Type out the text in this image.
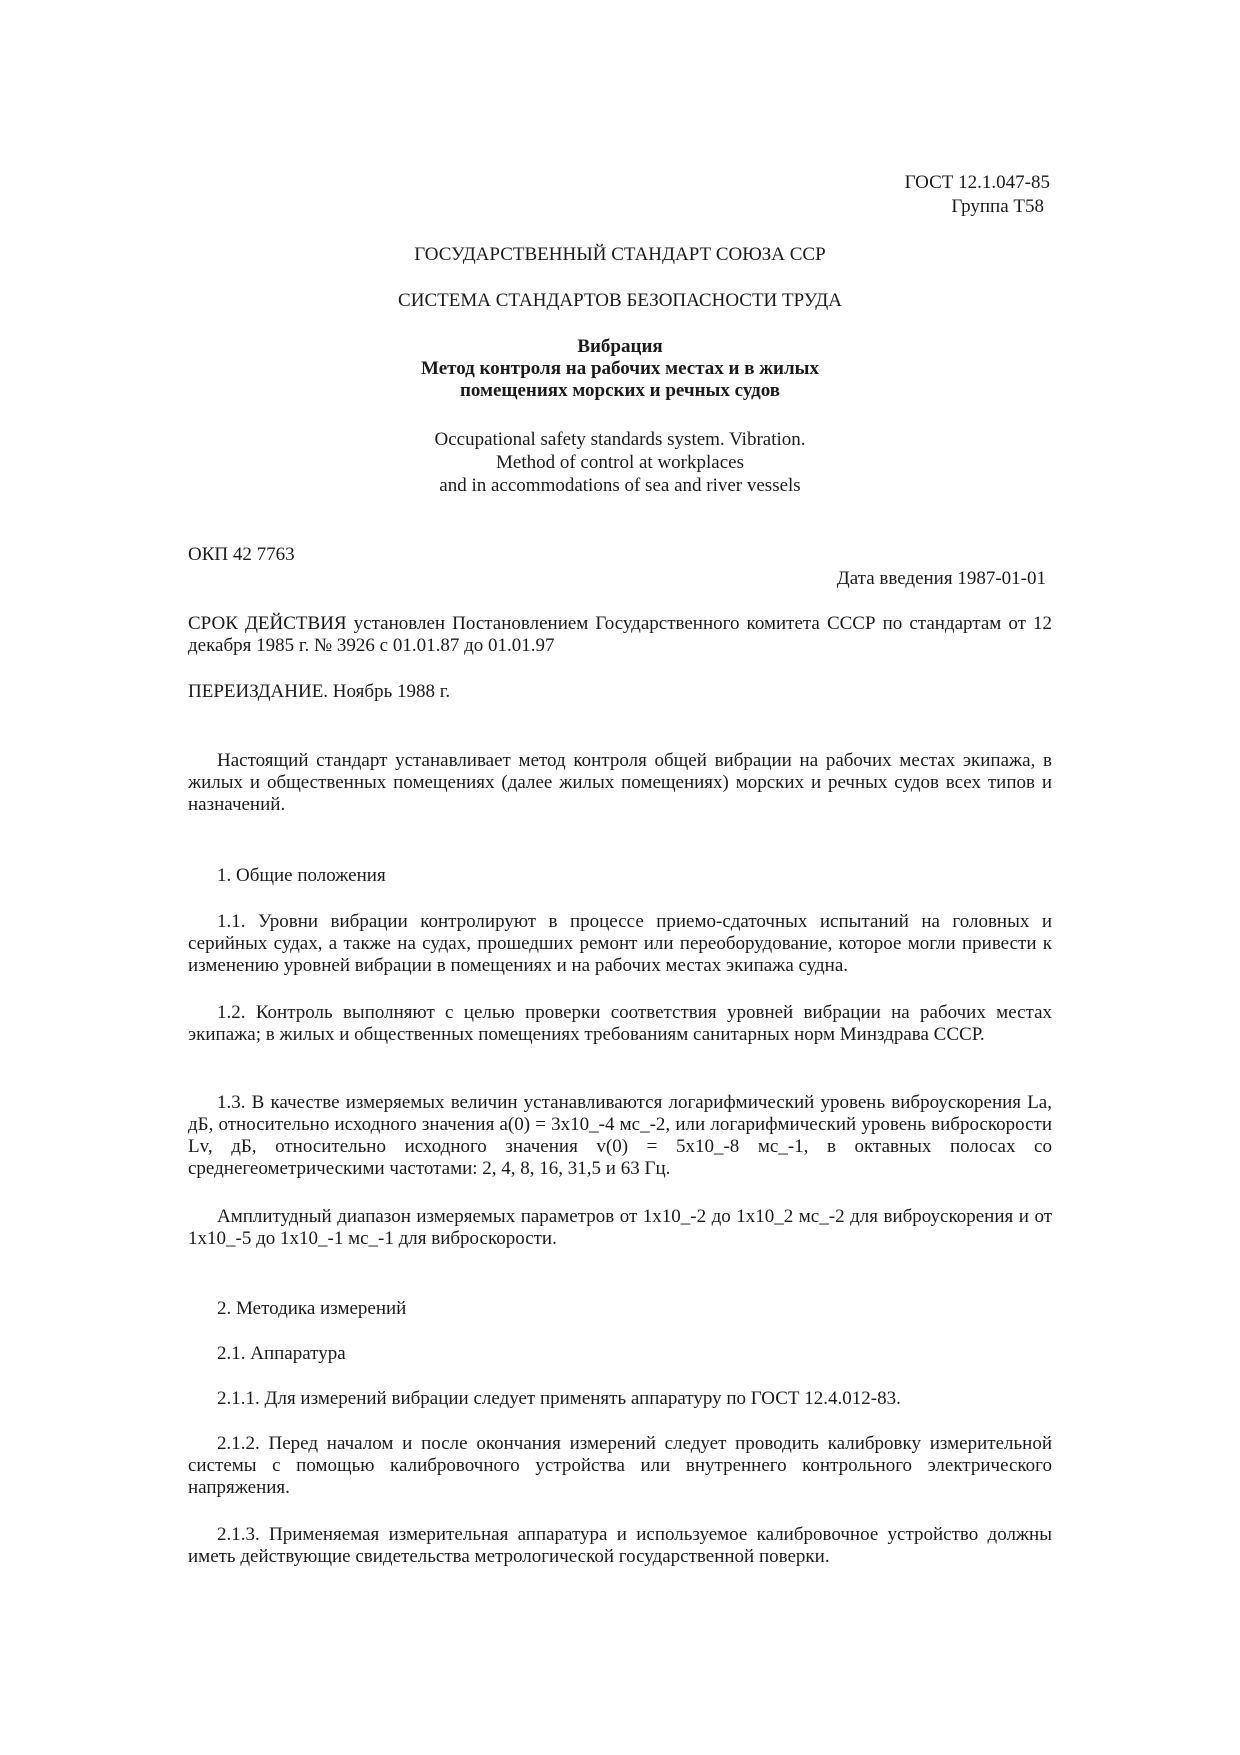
ГОСТ 12.1.047-85
Группа Т58
ГОСУДАРСТВЕННЫЙ СТАНДАРТ СОЮЗА ССР
СИСТЕМА СТАНДАРТОВ БЕЗОПАСНОСТИ ТРУДА
Вибрация
Метод контроля на рабочих местах и в жилых
помещениях морских и речных судов
Occupational safety standards system. Vibration.
Method of control at workplaces
and in accommodations of sea and river vessels
ОКП 42 7763
Дата введения 1987-01-01
СРОК ДЕЙСТВИЯ установлен Постановлением Государственного комитета СССР по стандартам от 12 декабря 1985 г. № 3926 с 01.01.87 до 01.01.97
ПЕРЕИЗДАНИЕ. Ноябрь 1988 г.
Настоящий стандарт устанавливает метод контроля общей вибрации на рабочих местах экипажа, в жилых и общественных помещениях (далее жилых помещениях) морских и речных судов всех типов и назначений.
1. Общие положения
1.1. Уровни вибрации контролируют в процессе приемо-сдаточных испытаний на головных и серийных судах, а также на судах, прошедших ремонт или переоборудование, которое могли привести к изменению уровней вибрации в помещениях и на рабочих местах экипажа судна.
1.2. Контроль выполняют с целью проверки соответствия уровней вибрации на рабочих местах экипажа; в жилых и общественных помещениях требованиям санитарных норм Минздрава СССР.
1.3. В качестве измеряемых величин устанавливаются логарифмический уровень виброускорения La, дБ, относительно исходного значения a(0) = 3х10_-4 мс_-2, или логарифмический уровень виброскорости Lv, дБ, относительно исходного значения v(0) = 5х10_-8 мс_-1, в октавных полосах со среднегеометрическими частотами: 2, 4, 8, 16, 31,5 и 63 Гц.
Амплитудный диапазон измеряемых параметров от 1х10_-2 до 1х10_2 мс_-2 для виброускорения и от 1х10_-5 до 1х10_-1 мс_-1 для виброскорости.
2. Методика измерений
2.1. Аппаратура
2.1.1. Для измерений вибрации следует применять аппаратуру по ГОСТ 12.4.012-83.
2.1.2. Перед началом и после окончания измерений следует проводить калибровку измерительной системы с помощью калибровочного устройства или внутреннего контрольного электрического напряжения.
2.1.3. Применяемая измерительная аппаратура и используемое калибровочное устройство должны иметь действующие свидетельства метрологической государственной поверки.
